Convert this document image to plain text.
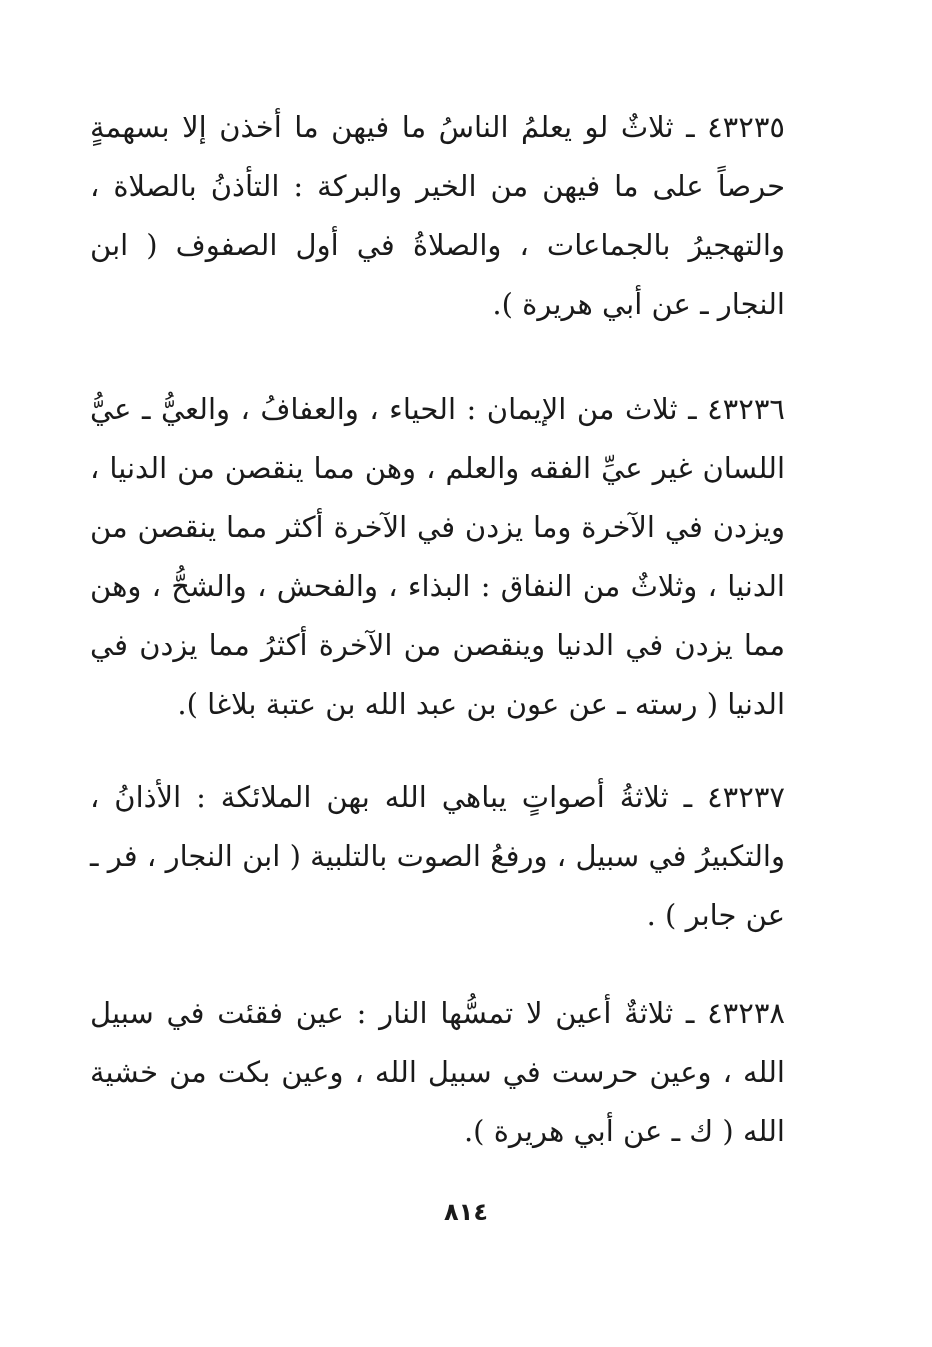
٤٣٢٣٥ ـ ثلاثٌ لو يعلمُ الناسُ ما فيهن ما أخذن إلا بسهمةٍ حرصاً على ما فيهن من الخير والبركة : التأذنُ بالصلاة ، والتهجيرُ بالجماعات ، والصلاةُ في أول الصفوف ( ابن النجار ـ عن أبي هريرة ).

٤٣٢٣٦ ـ ثلاث من الإيمان : الحياء ، والعفافُ ، والعيُّ ـ عيُّ اللسان غير عيِّ الفقه والعلم ، وهن مما ينقصن من الدنيا ، ويزدن في الآخرة وما يزدن في الآخرة أكثر مما ينقصن من الدنيا ، وثلاثٌ من النفاق : البذاء ، والفحش ، والشحُّ ، وهن مما يزدن في الدنيا وينقصن من الآخرة أكثرُ مما يزدن في الدنيا ( رسته ـ عن عون بن عبد الله بن عتبة بلاغا ).

٤٣٢٣٧ ـ ثلاثةُ أصواتٍ يباهي الله بهن الملائكة : الأذانُ ، والتكبيرُ في سبيل ، ورفعُ الصوت بالتلبية ( ابن النجار ، فر ـ عن جابر ) .

٤٣٢٣٨ ـ ثلاثةٌ أعين لا تمسُّها النار : عين فقئت في سبيل الله ، وعين حرست في سبيل الله ، وعين بكت من خشية الله ( ك ـ عن أبي هريرة ).

٨١٤
